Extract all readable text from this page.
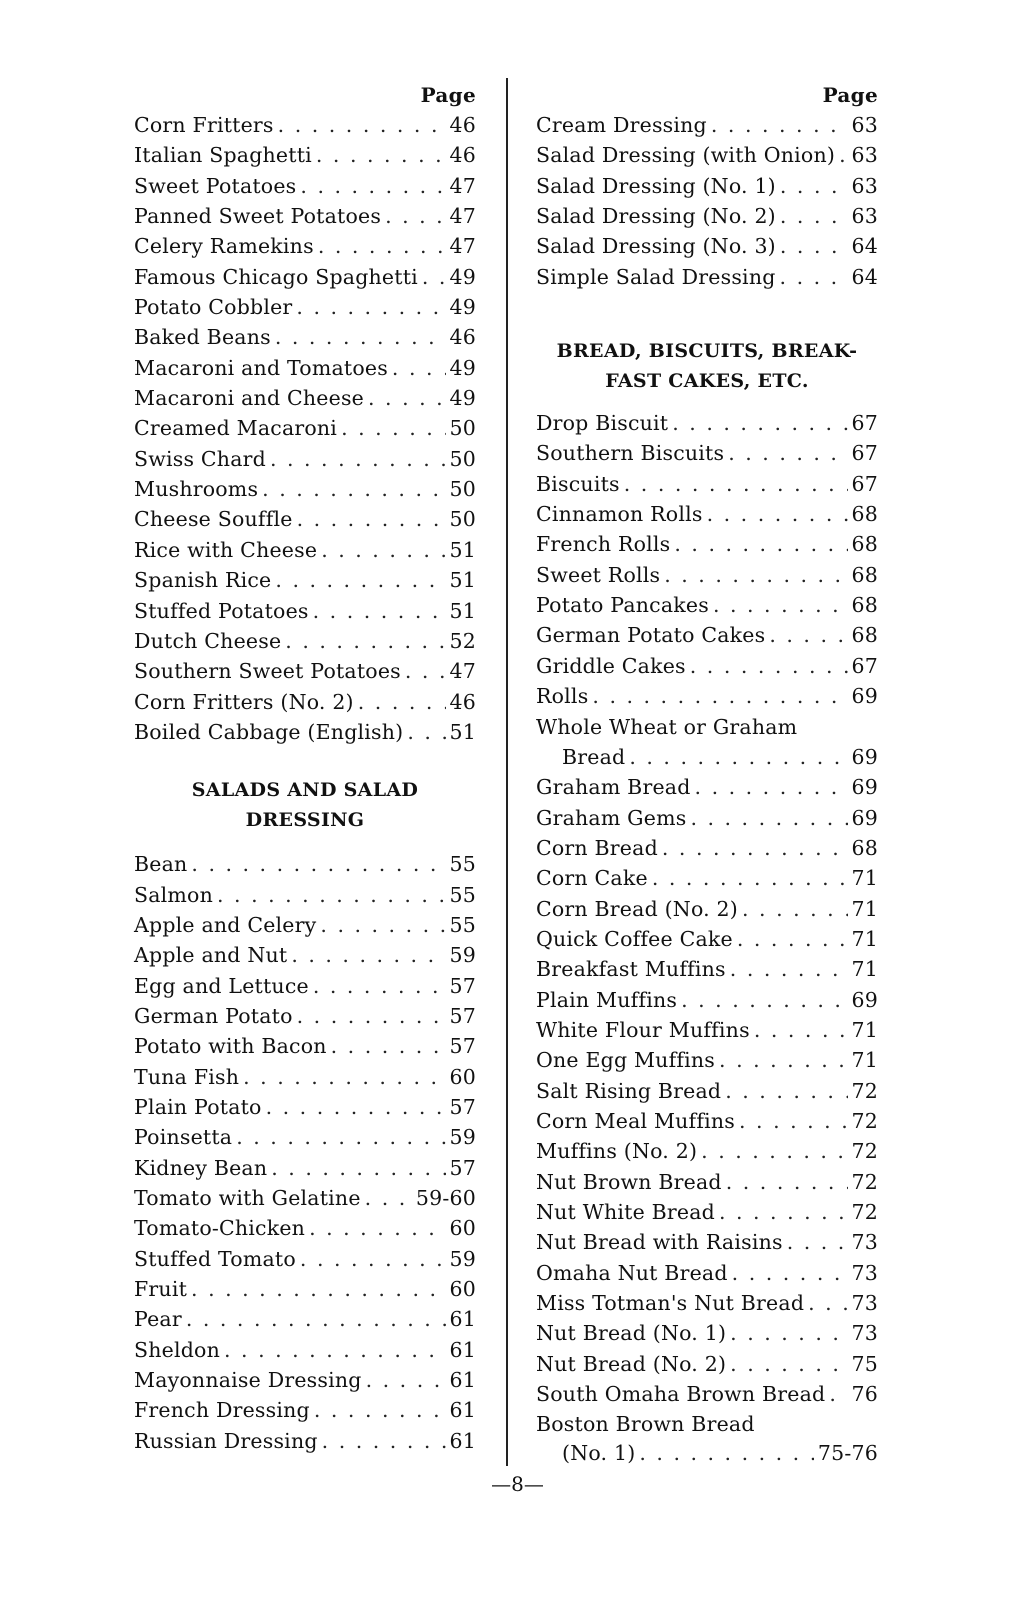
Page
Corn Fritters . . .	46
Italian Spaghetti . . .	46
Sweet Potatoes . . .	47
Panned Sweet Potatoes . . .	47
Celery Ramekins . . .	47
Famous Chicago Spaghetti . . . 49
Potato Cobbler . . .	49
Baked Beans . . .	46
Macaroni and Tomatoes . . .	49
Macaroni and Cheese . . .	49
Creamed Macaroni . . .	50
Swiss Chard . . .	50
Mushrooms . . .	50
Cheese Souffle . . .	50
Rice with Cheese . . .	51
Spanish Rice . . .	51
Stuffed Potatoes . . .	51
Dutch Cheese . . .	52
Southern Sweet Potatoes . . . 47
Corn Fritters (No. 2) . . .	46
Boiled Cabbage (English) . . . 51
SALADS AND SALAD
DRESSING
Bean . . .	55
Salmon . . .	55
Apple and Celery . . .	55
Apple and Nut . . .	59
Egg and Lettuce . . .	57
German Potato . . .	57
Potato with Bacon . . .	57
Tuna Fish . . .	60
Plain Potato . . .	57
Poinsetta . . .	59
Kidney Bean . . .	57
Tomato with Gelatine . . .	59-60
Tomato-Chicken . . .	60
Stuffed Tomato . . .	59
Fruit . . .	60
Pear . . .	61
Sheldon . . .	61
Mayonnaise Dressing . . .	61
French Dressing . . .	61
Russian Dressing . . .	61
Page
Cream Dressing . . .	63
Salad Dressing (with Onion) . . . 63
Salad Dressing (No. 1) . . .	63
Salad Dressing (No. 2) . . .	63
Salad Dressing (No. 3) . . .	64
Simple Salad Dressing . . .	64
BREAD, BISCUITS, BREAK-
FAST CAKES, ETC.
Drop Biscuit . . .	67
Southern Biscuits . . .	67
Biscuits . . .	67
Cinnamon Rolls . . .	68
French Rolls . . .	68
Sweet Rolls . . .	68
Potato Pancakes . . .	68
German Potato Cakes . . .	68
Griddle Cakes . . .	67
Rolls . . .	69
Whole Wheat or Graham
Bread . . .	69
Graham Bread . . .	69
Graham Gems . . .	69
Corn Bread . . .	68
Corn Cake . . .	71
Corn Bread (No. 2) . . .	71
Quick Coffee Cake . . .	71
Breakfast Muffins . . .	71
Plain Muffins . . .	69
White Flour Muffins . . .	71
One Egg Muffins . . .	71
Salt Rising Bread . . .	72
Corn Meal Muffins . . .	72
Muffins (No. 2) . . .	72
Nut Brown Bread . . .	72
Nut White Bread . . .	72
Nut Bread with Raisins . . .	73
Omaha Nut Bread . . .	73
Miss Totman's Nut Bread . . . 73
Nut Bread (No. 1) . . .	73
Nut Bread (No. 2) . . .	75
South Omaha Brown Bread . . . 76
Boston Brown Bread
(No. 1) . . .	75-76
—8—
